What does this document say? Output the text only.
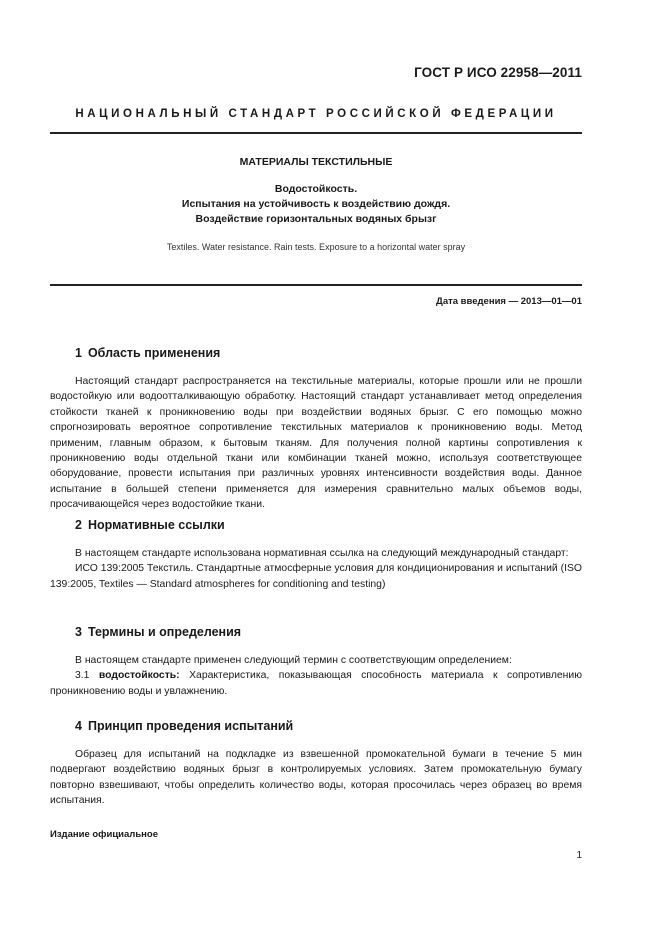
ГОСТ Р ИСО 22958—2011
НАЦИОНАЛЬНЫЙ СТАНДАРТ РОССИЙСКОЙ ФЕДЕРАЦИИ
МАТЕРИАЛЫ ТЕКСТИЛЬНЫЕ
Водостойкость.
Испытания на устойчивость к воздействию дождя.
Воздействие горизонтальных водяных брызг
Textiles. Water resistance. Rain tests. Exposure to a horizontal water spray
Дата введения — 2013—01—01
1 Область применения

Настоящий стандарт распространяется на текстильные материалы, которые прошли или не прошли водостойкую или водоотталкивающую обработку. Настоящий стандарт устанавливает метод определения стойкости тканей к проникновению воды при воздействии водяных брызг. С его помощью можно спрогнозировать вероятное сопротивление текстильных материалов к проникновению воды. Метод применим, главным образом, к бытовым тканям. Для получения полной картины сопротивления к проникновению воды отдельной ткани или комбинации тканей можно, используя соответствующее оборудование, провести испытания при различных уровнях интенсивности воздействия воды. Данное испытание в большей степени применяется для измерения сравнительно малых объемов воды, просачивающейся через водостойкие ткани.

2 Нормативные ссылки

В настоящем стандарте использована нормативная ссылка на следующий международный стандарт:

ИСО 139:2005 Текстиль. Стандартные атмосферные условия для кондиционирования и испытаний (ISO 139:2005, Textiles — Standard atmospheres for conditioning and testing)

3 Термины и определения

В настоящем стандарте применен следующий термин с соответствующим определением:

3.1 водостойкость: Характеристика, показывающая способность материала к сопротивлению проникновению воды и увлажнению.

4 Принцип проведения испытаний

Образец для испытаний на подкладке из взвешенной промокательной бумаги в течение 5 мин подвергают воздействию водяных брызг в контролируемых условиях. Затем промокательную бумагу повторно взвешивают, чтобы определить количество воды, которая просочилась через образец во время испытания.

Издание официальное
1
